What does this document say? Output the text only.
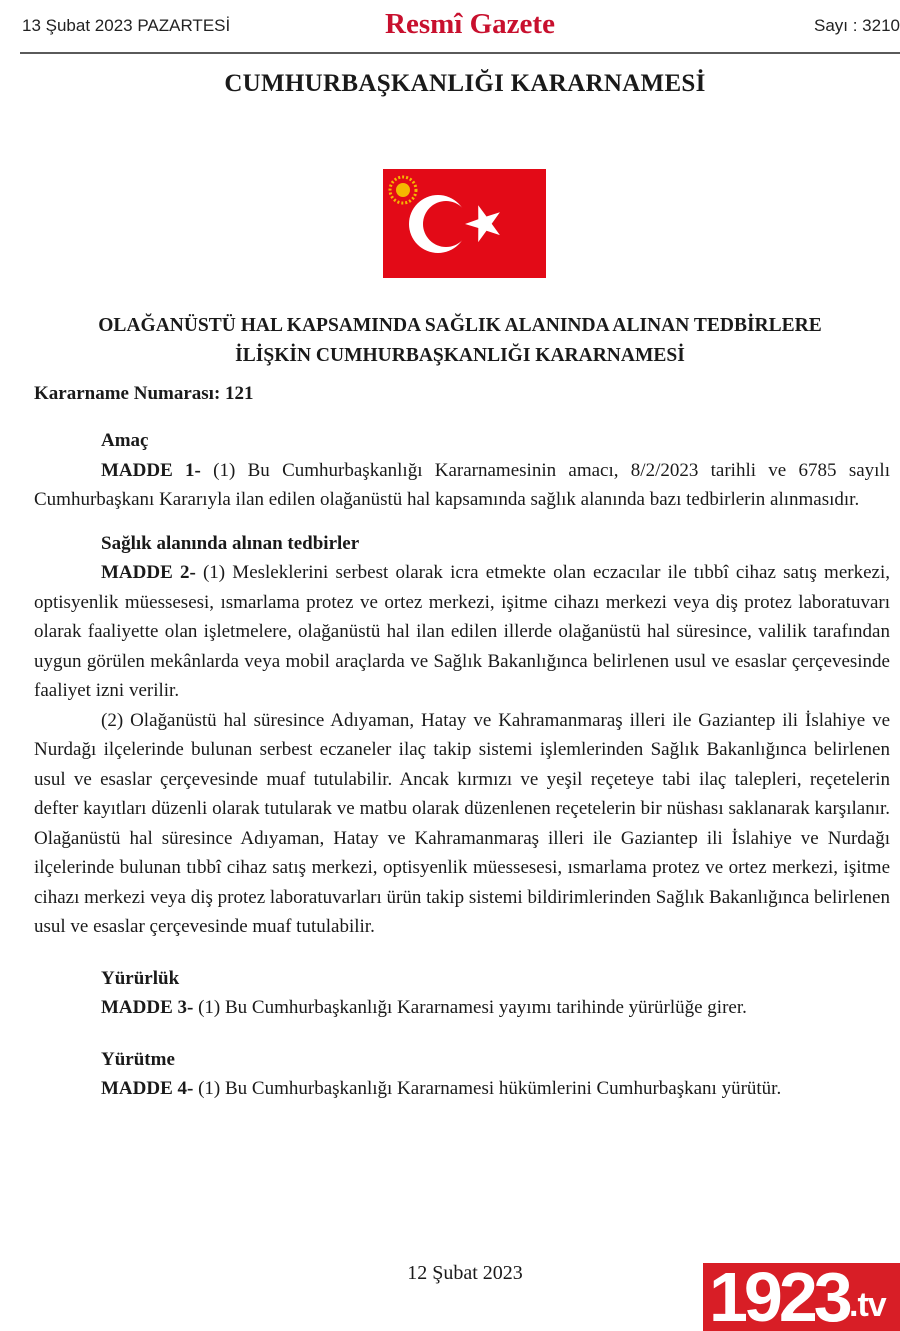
13 Şubat 2023 PAZARTESİ	Resmî Gazete	Sayı : 3210
CUMHURBAŞKANLIĞI KARARNAMESİ
OLAĞANÜSTÜ HAL KAPSAMINDA SAĞLIK ALANINDA ALINAN TEDBİRLERE
İLİŞKİN CUMHURBAŞKANLIĞI KARARNAMESİ
Kararname Numarası: 121
Amaç

MADDE 1- (1) Bu Cumhurbaşkanlığı Kararnamesinin amacı, 8/2/2023 tarihli ve 6785 sayılı Cumhurbaşkanı Kararıyla ilan edilen olağanüstü hal kapsamında sağlık alanında bazı tedbirlerin alınmasıdır.

Sağlık alanında alınan tedbirler

MADDE 2- (1) Mesleklerini serbest olarak icra etmekte olan eczacılar ile tıbbî cihaz satış merkezi, optisyenlik müessesesi, ısmarlama protez ve ortez merkezi, işitme cihazı merkezi veya diş protez laboratuvarı olarak faaliyette olan işletmelere, olağanüstü hal ilan edilen illerde olağanüstü hal süresince, valilik tarafından uygun görülen mekânlarda veya mobil araçlarda ve Sağlık Bakanlığınca belirlenen usul ve esaslar çerçevesinde faaliyet izni verilir.

(2) Olağanüstü hal süresince Adıyaman, Hatay ve Kahramanmaraş illeri ile Gaziantep ili İslahiye ve Nurdağı ilçelerinde bulunan serbest eczaneler ilaç takip sistemi işlemlerinden Sağlık Bakanlığınca belirlenen usul ve esaslar çerçevesinde muaf tutulabilir. Ancak kırmızı ve yeşil reçeteye tabi ilaç talepleri, reçetelerin defter kayıtları düzenli olarak tutularak ve matbu olarak düzenlenen reçetelerin bir nüshası saklanarak karşılanır. Olağanüstü hal süresince Adıyaman, Hatay ve Kahramanmaraş illeri ile Gaziantep ili İslahiye ve Nurdağı ilçelerinde bulunan tıbbî cihaz satış merkezi, optisyenlik müessesesi, ısmarlama protez ve ortez merkezi, işitme cihazı merkezi veya diş protez laboratuvarları ürün takip sistemi bildirimlerinden Sağlık Bakanlığınca belirlenen usul ve esaslar çerçevesinde muaf tutulabilir.

Yürürlük

MADDE 3- (1) Bu Cumhurbaşkanlığı Kararnamesi yayımı tarihinde yürürlüğe girer.

Yürütme

MADDE 4- (1) Bu Cumhurbaşkanlığı Kararnamesi hükümlerini Cumhurbaşkanı yürütür.

12 Şubat 2023	1923 .tv
